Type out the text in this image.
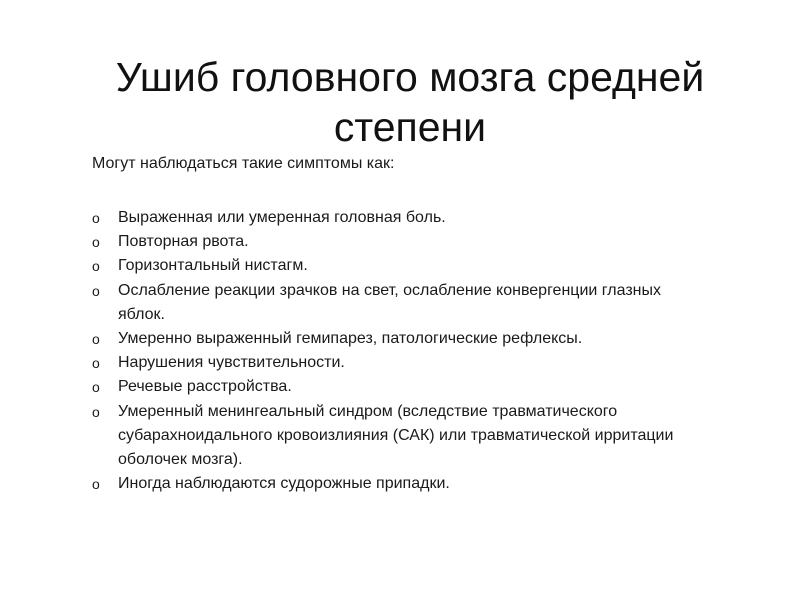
Ушиб головного мозга средней степени

Могут наблюдаться такие симптомы как:

o	Выраженная или умеренная головная боль.
o	Повторная рвота.
o	Горизонтальный нистагм.
o	Ослабление реакции зрачков на свет, ослабление конвергенции глазных яблок.
o	Умеренно выраженный гемипарез, патологические рефлексы.
o	Нарушения чувствительности.
o	Речевые расстройства.
o	Умеренный менингеальный синдром (вследствие травматического субарахноидального кровоизлияния (САК) или травматической ирритации оболочек мозга).
o	Иногда наблюдаются судорожные припадки.
